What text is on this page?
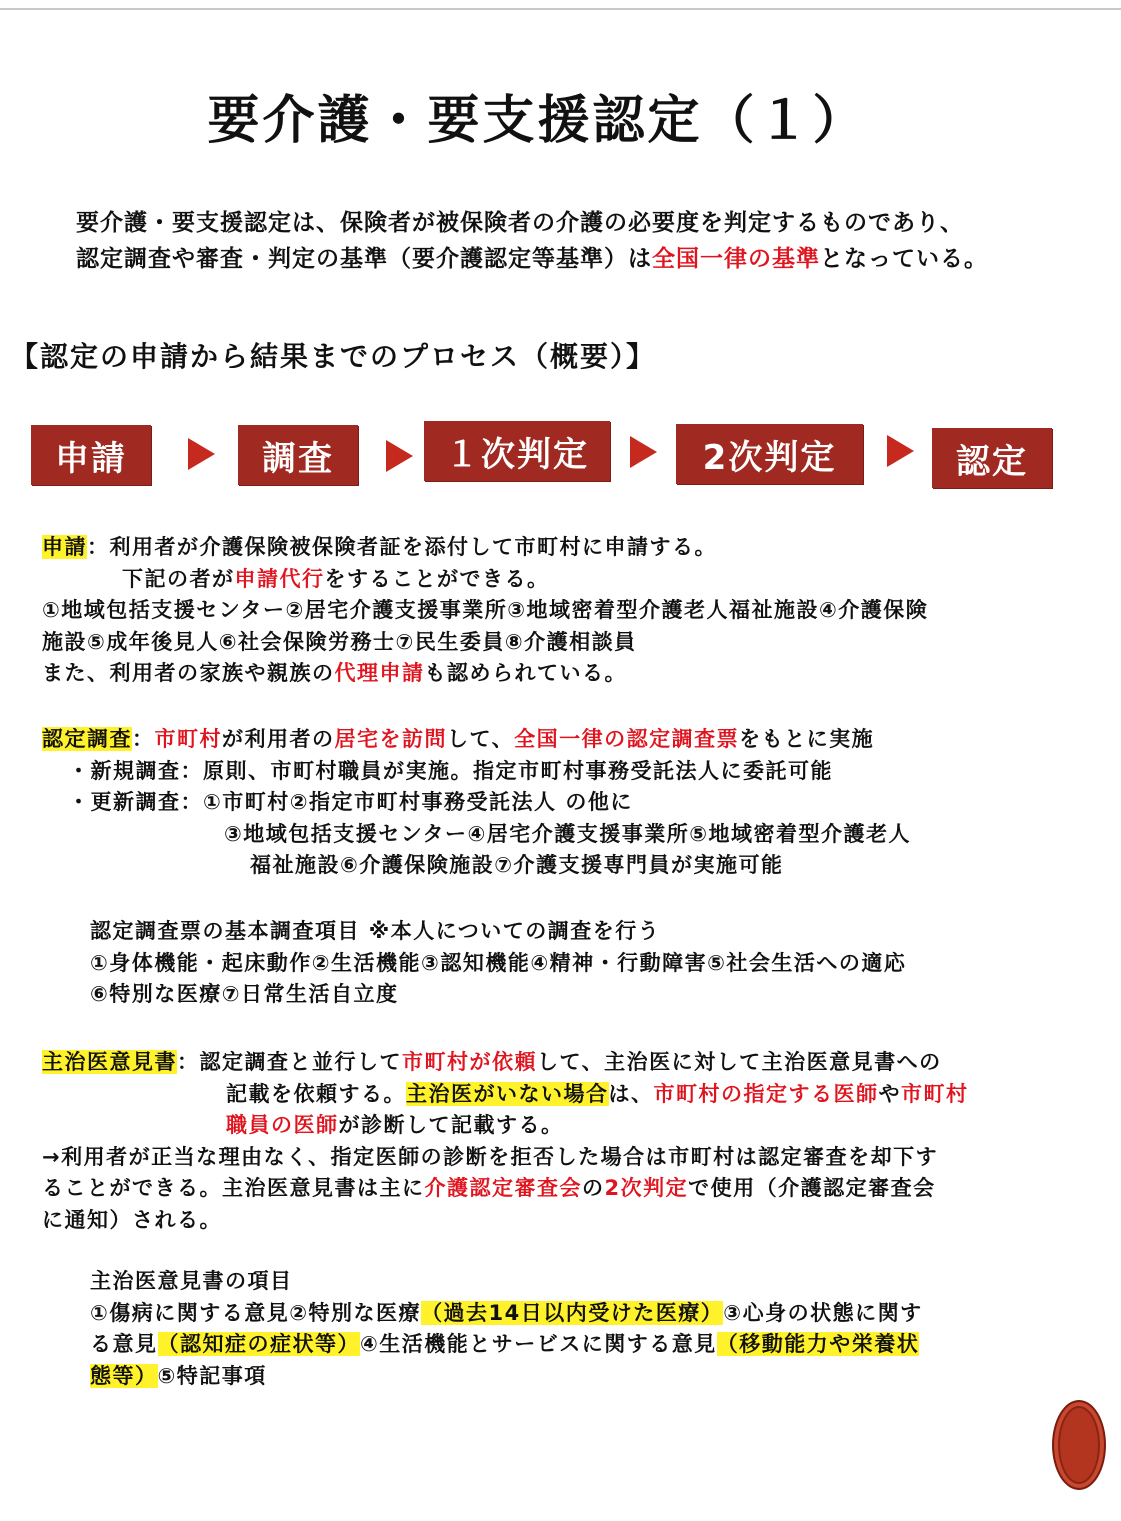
要介護・要支援認定（１）
要介護・要支援認定は、保険者が被保険者の介護の必要度を判定するものであり、
認定調査や審査・判定の基準（要介護認定等基準）は全国一律の基準となっている。
【認定の申請から結果までのプロセス（概要）】
申請	調査	１次判定	2次判定	認定
申請：利用者が介護保険被保険者証を添付して市町村に申請する。
下記の者が申請代行をすることができる。
①地域包括支援センター②居宅介護支援事業所③地域密着型介護老人福祉施設④介護保険
施設⑤成年後見人⑥社会保険労務士⑦民生委員⑧介護相談員
また、利用者の家族や親族の代理申請も認められている。
認定調査：市町村が利用者の居宅を訪問して、全国一律の認定調査票をもとに実施
・新規調査：原則、市町村職員が実施。指定市町村事務受託法人に委託可能
・更新調査：①市町村②指定市町村事務受託法人 の他に
③地域包括支援センター④居宅介護支援事業所⑤地域密着型介護老人
福祉施設⑥介護保険施設⑦介護支援専門員が実施可能
認定調査票の基本調査項目 ※本人についての調査を行う
①身体機能・起床動作②生活機能③認知機能④精神・行動障害⑤社会生活への適応
⑥特別な医療⑦日常生活自立度
主治医意見書：認定調査と並行して市町村が依頼して、主治医に対して主治医意見書への
記載を依頼する。主治医がいない場合は、市町村の指定する医師や市町村
職員の医師が診断して記載する。
→利用者が正当な理由なく、指定医師の診断を拒否した場合は市町村は認定審査を却下す
ることができる。主治医意見書は主に介護認定審査会の2次判定で使用（介護認定審査会
に通知）される。
主治医意見書の項目
①傷病に関する意見②特別な医療（過去14日以内受けた医療）③心身の状態に関す
る意見（認知症の症状等）④生活機能とサービスに関する意見（移動能力や栄養状
態等）⑤特記事項
